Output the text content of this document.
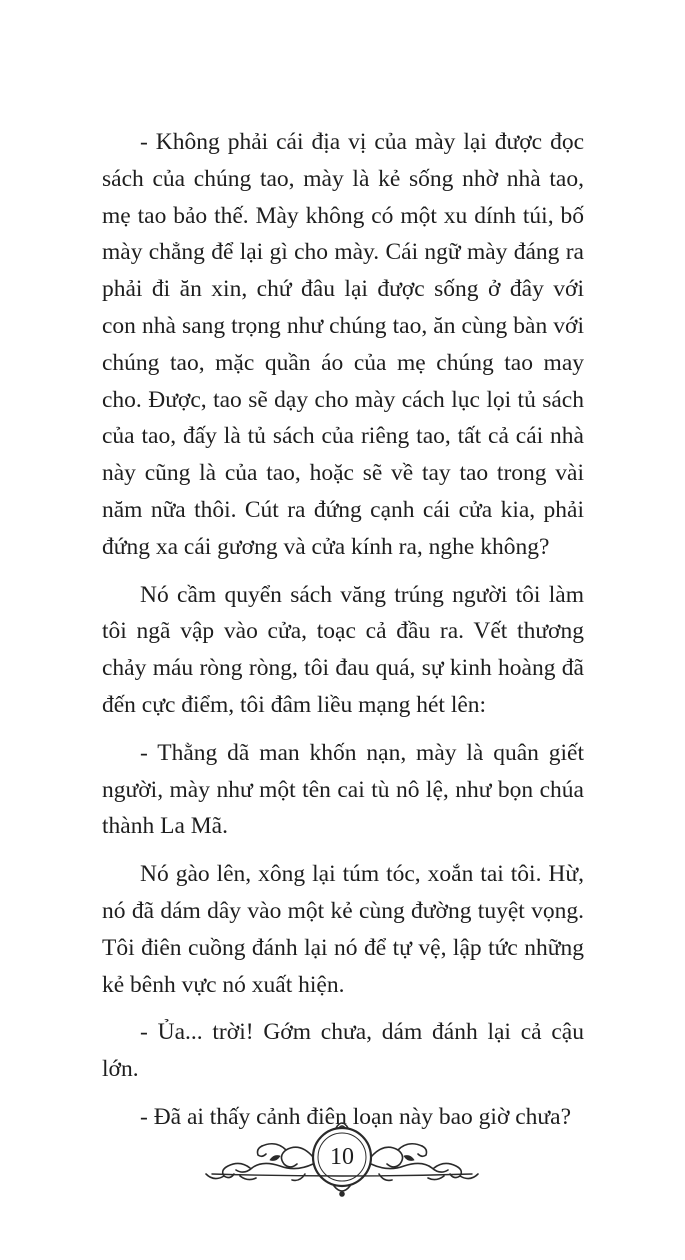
- Không phải cái địa vị của mày lại được đọc sách của chúng tao, mày là kẻ sống nhờ nhà tao, mẹ tao bảo thế. Mày không có một xu dính túi, bố mày chẳng để lại gì cho mày. Cái ngữ mày đáng ra phải đi ăn xin, chứ đâu lại được sống ở đây với con nhà sang trọng như chúng tao, ăn cùng bàn với chúng tao, mặc quần áo của mẹ chúng tao may cho. Được, tao sẽ dạy cho mày cách lục lọi tủ sách của tao, đấy là tủ sách của riêng tao, tất cả cái nhà này cũng là của tao, hoặc sẽ về tay tao trong vài năm nữa thôi. Cút ra đứng cạnh cái cửa kia, phải đứng xa cái gương và cửa kính ra, nghe không?

Nó cầm quyển sách văng trúng người tôi làm tôi ngã vập vào cửa, toạc cả đầu ra. Vết thương chảy máu ròng ròng, tôi đau quá, sự kinh hoàng đã đến cực điểm, tôi đâm liều mạng hét lên:

- Thằng dã man khốn nạn, mày là quân giết người, mày như một tên cai tù nô lệ, như bọn chúa thành La Mã.

Nó gào lên, xông lại túm tóc, xoắn tai tôi. Hừ, nó đã dám dây vào một kẻ cùng đường tuyệt vọng. Tôi điên cuồng đánh lại nó để tự vệ, lập tức những kẻ bênh vực nó xuất hiện.

- Ủa... trời! Gớm chưa, dám đánh lại cả cậu lớn.

- Đã ai thấy cảnh điên loạn này bao giờ chưa?

10
